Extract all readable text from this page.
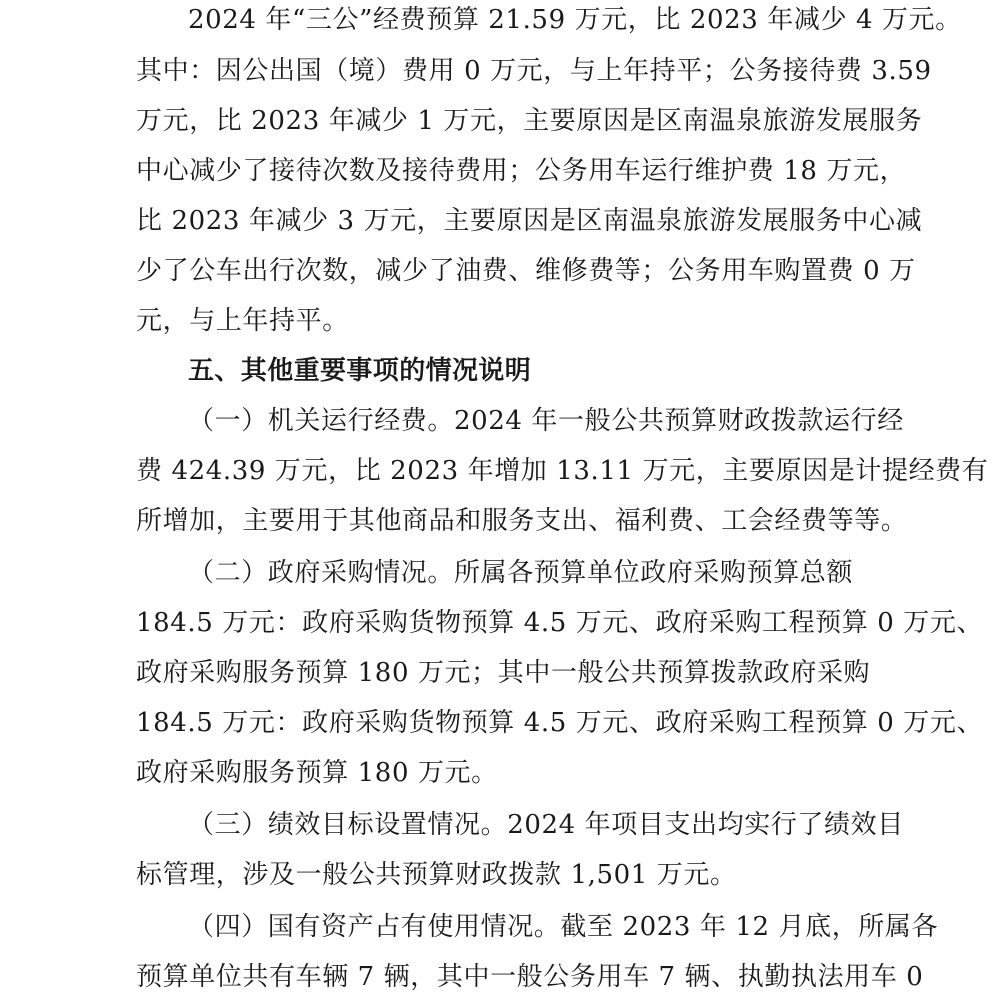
2024 年“三公”经费预算 21.59 万元，比 2023 年减少 4 万元。
其中：因公出国（境）费用 0 万元，与上年持平；公务接待费 3.59
万元，比 2023 年减少 1 万元，主要原因是区南温泉旅游发展服务
中心减少了接待次数及接待费用；公务用车运行维护费 18 万元，
比 2023 年减少 3 万元，主要原因是区南温泉旅游发展服务中心减
少了公车出行次数，减少了油费、维修费等；公务用车购置费 0 万
元，与上年持平。
五、其他重要事项的情况说明
（一）机关运行经费。2024 年一般公共预算财政拨款运行经
费 424.39 万元，比 2023 年增加 13.11 万元，主要原因是计提经费有
所增加，主要用于其他商品和服务支出、福利费、工会经费等等。
（二）政府采购情况。所属各预算单位政府采购预算总额
184.5 万元：政府采购货物预算 4.5 万元、政府采购工程预算 0 万元、
政府采购服务预算 180 万元；其中一般公共预算拨款政府采购
184.5 万元：政府采购货物预算 4.5 万元、政府采购工程预算 0 万元、
政府采购服务预算 180 万元。
（三）绩效目标设置情况。2024 年项目支出均实行了绩效目
标管理，涉及一般公共预算财政拨款 1,501 万元。
（四）国有资产占有使用情况。截至 2023 年 12 月底，所属各
预算单位共有车辆 7 辆，其中一般公务用车 7 辆、执勤执法用车 0
